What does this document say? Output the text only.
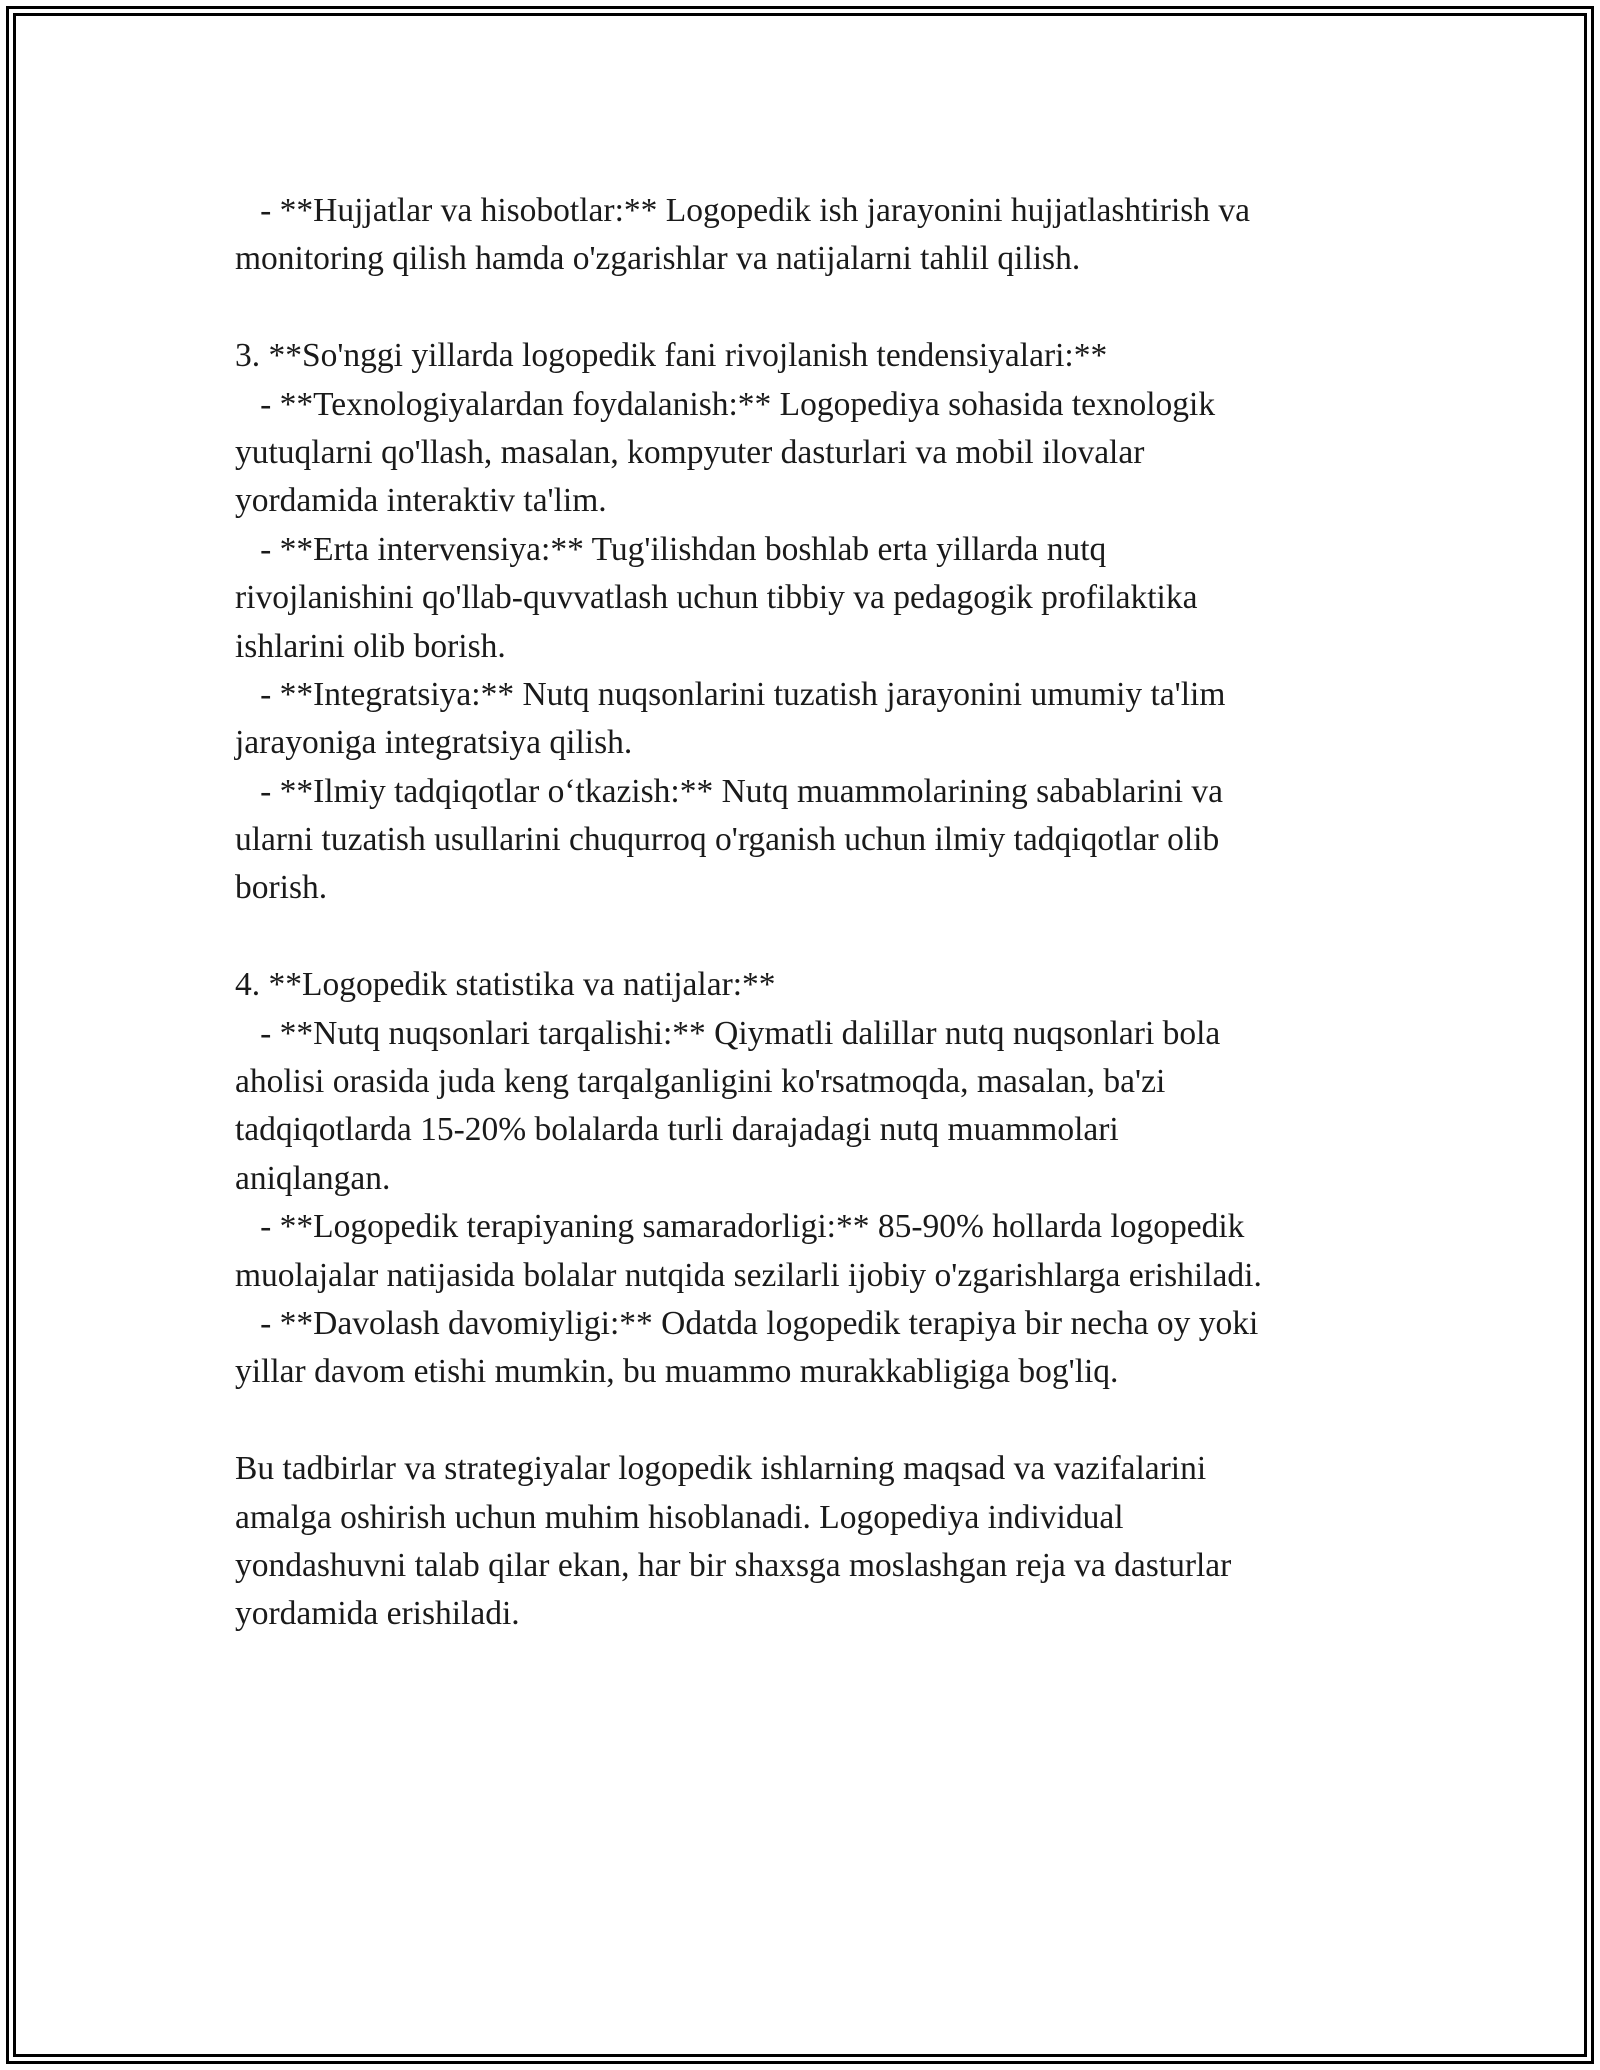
- **Hujjatlar va hisobotlar:** Logopedik ish jarayonini hujjatlashtirish va
monitoring qilish hamda o'zgarishlar va natijalarni tahlil qilish.
3. **So'nggi yillarda logopedik fani rivojlanish tendensiyalari:**
- **Texnologiyalardan foydalanish:** Logopediya sohasida texnologik
yutuqlarni qo'llash, masalan, kompyuter dasturlari va mobil ilovalar
yordamida interaktiv ta'lim.
- **Erta intervensiya:** Tug'ilishdan boshlab erta yillarda nutq
rivojlanishini qo'llab-quvvatlash uchun tibbiy va pedagogik profilaktika
ishlarini olib borish.
- **Integratsiya:** Nutq nuqsonlarini tuzatish jarayonini umumiy ta'lim
jarayoniga integratsiya qilish.
- **Ilmiy tadqiqotlar o‘tkazish:** Nutq muammolarining sabablarini va
ularni tuzatish usullarini chuqurroq o'rganish uchun ilmiy tadqiqotlar olib
borish.
4. **Logopedik statistika va natijalar:**
- **Nutq nuqsonlari tarqalishi:** Qiymatli dalillar nutq nuqsonlari bola
aholisi orasida juda keng tarqalganligini ko'rsatmoqda, masalan, ba'zi
tadqiqotlarda 15-20% bolalarda turli darajadagi nutq muammolari
aniqlangan.
- **Logopedik terapiyaning samaradorligi:** 85-90% hollarda logopedik
muolajalar natijasida bolalar nutqida sezilarli ijobiy o'zgarishlarga erishiladi.
- **Davolash davomiyligi:** Odatda logopedik terapiya bir necha oy yoki
yillar davom etishi mumkin, bu muammo murakkabligiga bog'liq.
Bu tadbirlar va strategiyalar logopedik ishlarning maqsad va vazifalarini
amalga oshirish uchun muhim hisoblanadi. Logopediya individual
yondashuvni talab qilar ekan, har bir shaxsga moslashgan reja va dasturlar
yordamida erishiladi.
